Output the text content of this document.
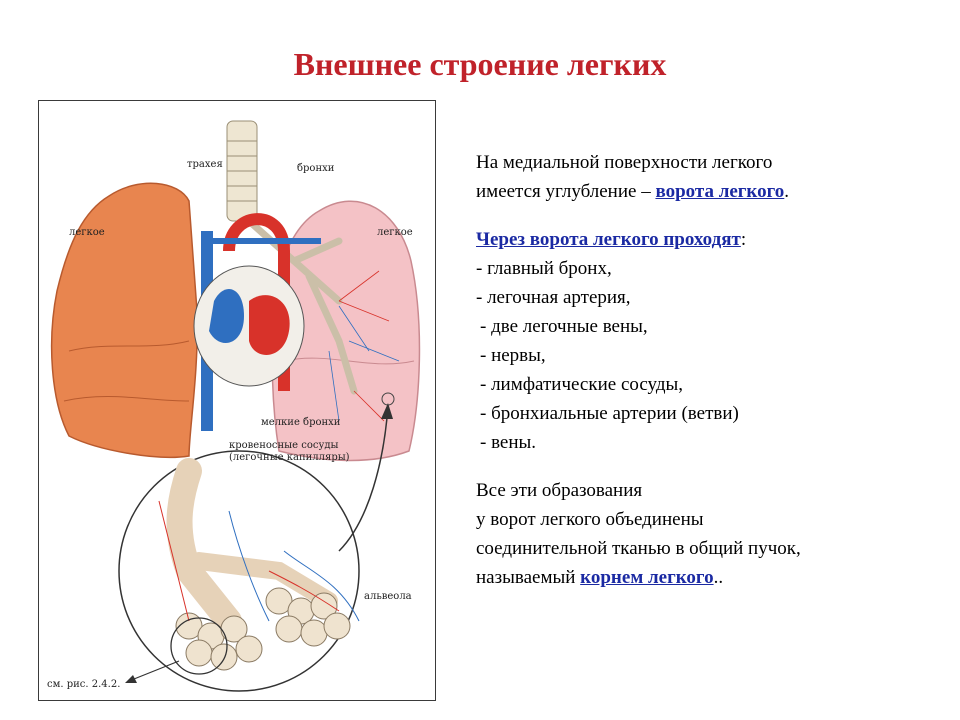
Внешнее строение легких
трахея	бронхи
легкое	легкое
мелкие бронхи
кровеносные сосуды
(легочные капилляры)
альвеола
см. рис. 2.4.2.

На медиальной поверхности легкого

имеется углубление – ворота легкого.

Через ворота легкого проходят:

- главный бронх,

- легочная артерия,

- две легочные вены,

- нервы,

- лимфатические сосуды,

- бронхиальные артерии (ветви)

- вены.

Все эти образования

у ворот легкого объединены

соединительной тканью в общий пучок,

называемый корнем легкого..
